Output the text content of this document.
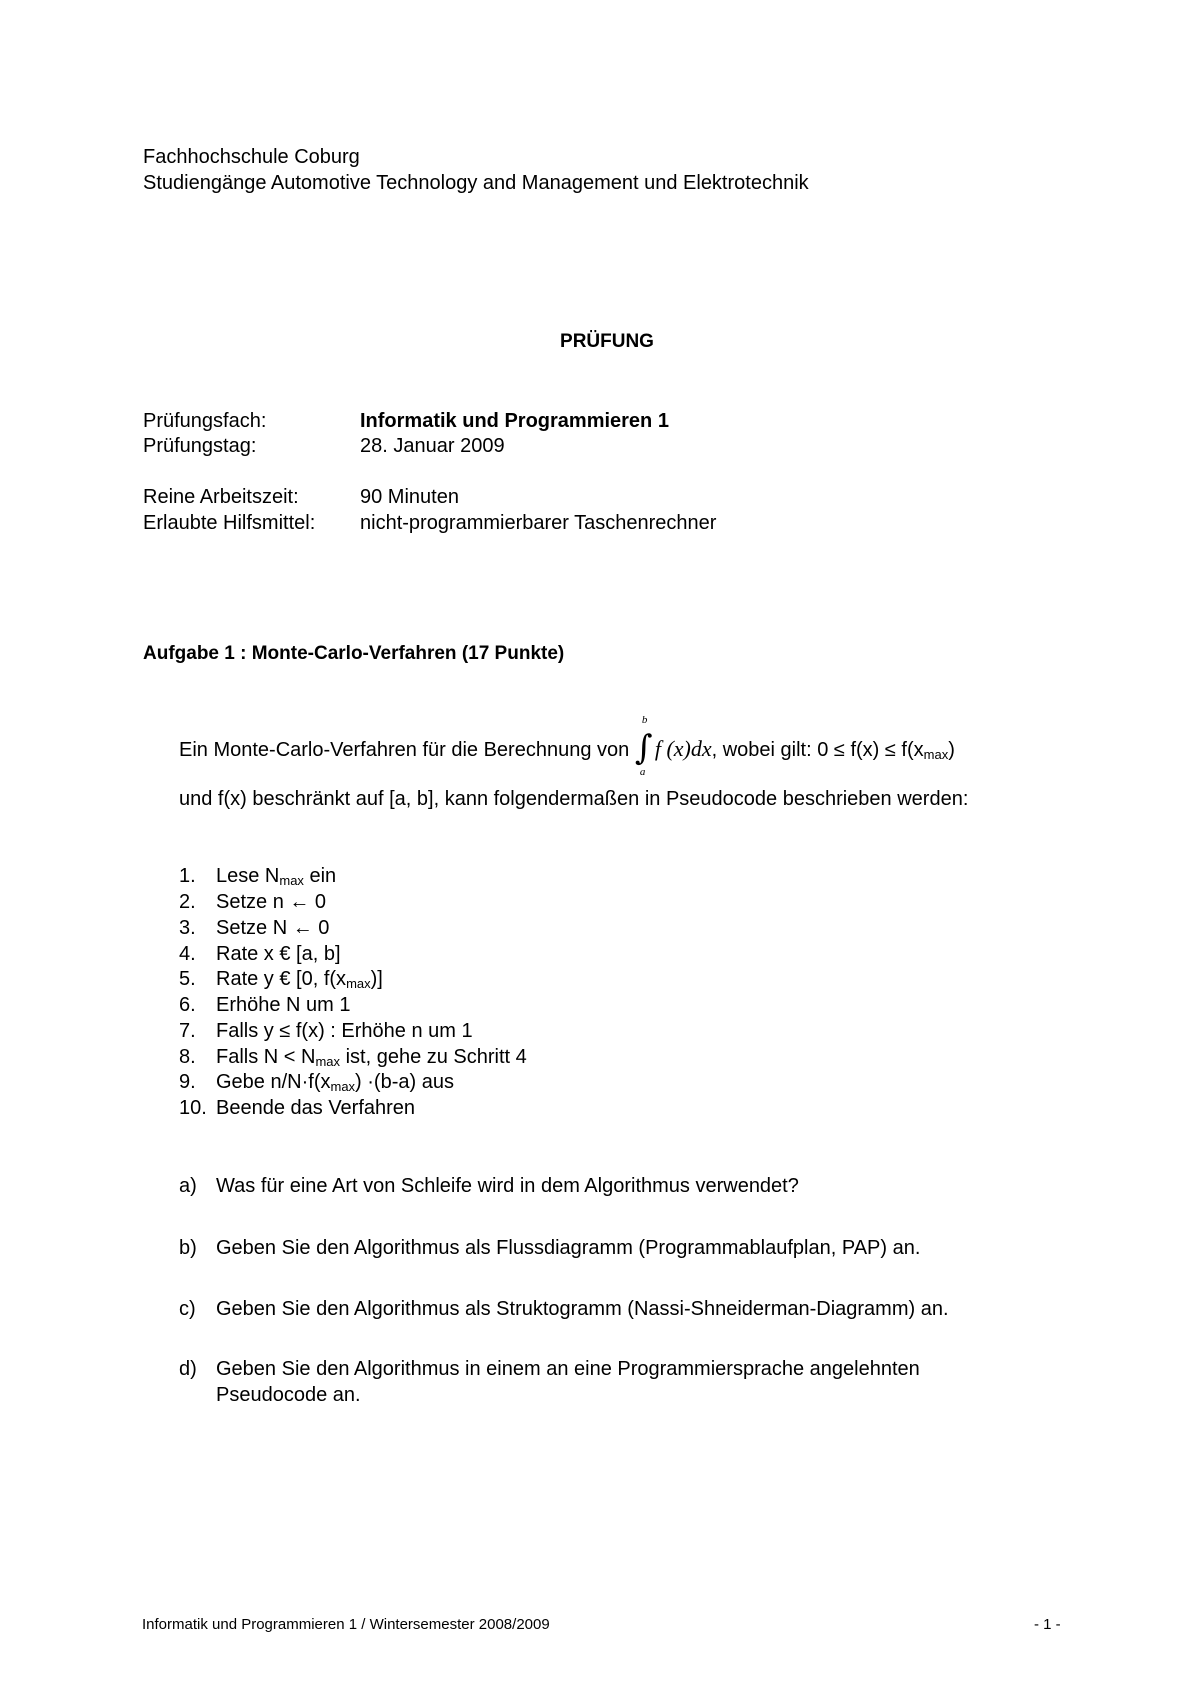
Fachhochschule Coburg
Studiengänge Automotive Technology and Management und Elektrotechnik
PRÜFUNG
Prüfungsfach:	Informatik und Programmieren 1
Prüfungstag:	28. Januar 2009
Reine Arbeitszeit:	90 Minuten
Erlaubte Hilfsmittel: nicht-programmierbarer Taschenrechner
Aufgabe 1 : Monte-Carlo-Verfahren (17 Punkte)
Ein Monte-Carlo-Verfahren für die Berechnung von ∫
b
a
f (x)dx, wobei gilt: $0 \le f(x) \le f(x_{max})$
und f(x) beschränkt auf [a, b], kann folgendermaßen in Pseudocode beschrieben werden:
1.	Lese $N_{max}$ ein
2.	Setze n ← 0
3.	Setze N ← 0
4.	Rate x € [a, b]
5.	Rate y € [0, $f(x_{max})$]
6.	Erhöhe N um 1
7.	Falls y ≤ f(x) : Erhöhe n um 1
8.	Falls $N < N_{max}$ ist, gehe zu Schritt 4
9.	Gebe $n/N\cdot f(x_{max}) \cdot(b-a)$ aus
10. Beende das Verfahren
a) Was für eine Art von Schleife wird in dem Algorithmus verwendet?
b) Geben Sie den Algorithmus als Flussdiagramm (Programmablaufplan, PAP) an.
c)	Geben Sie den Algorithmus als Struktogramm (Nassi-Shneiderman-Diagramm) an.
d) Geben Sie den Algorithmus in einem an eine Programmiersprache angelehnten
Pseudocode an.
Informatik und Programmieren 1 / Wintersemester 2008/2009	- 1 -
